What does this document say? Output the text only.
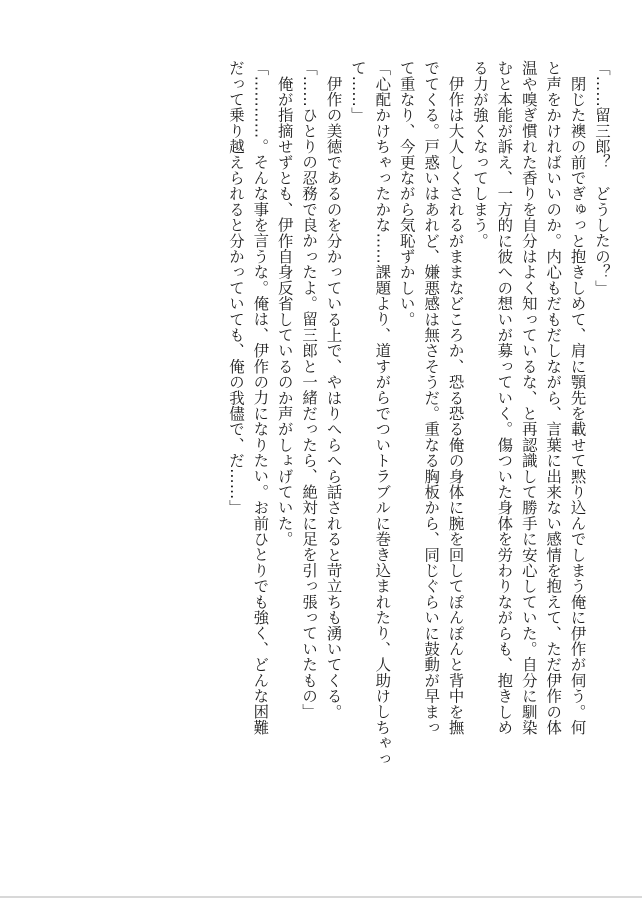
「……留三郎？　どうしたの？」
　閉じた襖の前でぎゅっと抱きしめて、肩に顎先を載せて黙り込んでしまう俺に伊作が伺う。何
と声をかければいいのか。内心もだもだしながら、言葉に出来ない感情を抱えて、ただ伊作の体
温や嗅ぎ慣れた香りを自分はよく知っているな、と再認識して勝手に安心していた。自分に馴染
むと本能が訴え、一方的に彼への想いが募っていく。傷ついた身体を労わりながらも、抱きしめ
る力が強くなってしまう。
　伊作は大人しくされるがままなどころか、恐る恐る俺の身体に腕を回してぽんぽんと背中を撫
でてくる。戸惑いはあれど、嫌悪感は無さそうだ。重なる胸板から、同じぐらいに鼓動が早まっ
て重なり、今更ながら気恥ずかしい。
「心配かけちゃったかな……課題より、道すがらでついトラブルに巻き込まれたり、人助けしちゃっ
て……」
　伊作の美徳であるのを分かっている上で、やはりへらへら話されると苛立ちも湧いてくる。
「……ひとりの忍務で良かったよ。留三郎と一緒だったら、絶対に足を引っ張っていたもの」
　俺が指摘せずとも、伊作自身反省しているのか声がしょげていた。
「…………。そんな事を言うな。俺は、伊作の力になりたい。お前ひとりでも強く、どんな困難
だって乗り越えられると分かっていても、俺の我儘で、だ……」
